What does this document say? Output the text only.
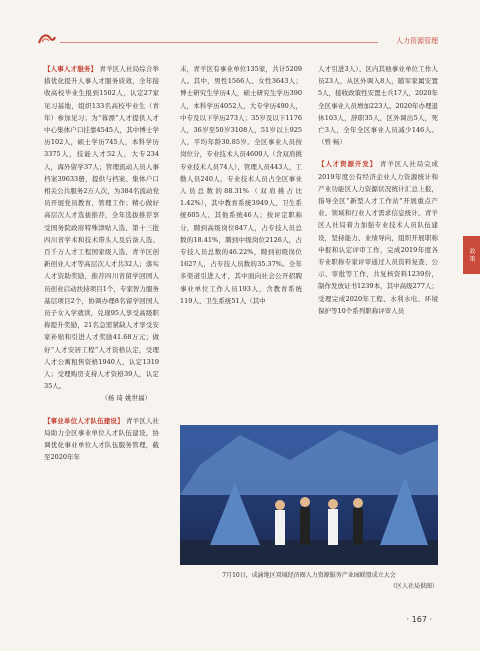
人力资源管理
政 策

【人事人才服务】 青羊区人社局综合举措优化提升人事人才服务质效，全年接收高校毕业生报到1502人，认定27家见习基地，组织133名高校毕业生（青年）参加见习；为“蓉漂”人才提供人才中心集体户口挂靠4545人，其中博士学历102人，硕士学历745人，本科学历3375人，技能人才52人，大专234人，海外留学37人；管理流动人员人事档案39633册，提供与档案、集体户口相关公共服务2万人次，为384名流动党员开展党员教育，管理工作；精心做好高层次人才选拔推荐，全年选拔推荐享受国务院政府特殊津贴人选、第十三批四川省学术和技术带头人及后备人选、百千万人才工程国家级人选、青羊区创新创业人才等高层次人才共32人；落实人才资助奖励，推荐四川省留学回国人员创业启动扶持项目1个，专家智力服务基层项目2个，协调办理8名留学回国人员子女入学就读，兑现95人享受高级职称提升奖励，21名急需紧缺人才享受安家补贴和引进人才奖励41.68万元；做好“人才安居工程”人才资格认定，受理人才公寓租售资格1940人，认定1319人；受理购房支持人才资格39人，认定35人。

（杨 琦 姚世福）

【事业单位人才队伍建设】 青羊区人社局助力全区事业单位人才队伍建设，协调优化事业单位人才队伍服务管理，截至2020年年

末，青羊区有事业单位135家，共计5209人。其中，男性1566人、女性3643人；博士研究生学历4人，硕士研究生学历390人，本科学历4052人，大专学历490人，中专及以下学历273人；35岁及以下1176人，36岁至50岁3108人，51岁以上925人，平均年龄30.85岁。全区事业人员按岗位分，专业技术人员4600人（含双肩挑专业技术人员74人），管理人员443人，工勤人员240人，专业技术人员占全区事业人员总数的88.31%（双肩挑占比1.42%），其中教育系统3949人、卫生系统605人、其他系统46人；按评定职称分，聘到高级岗位847人，占专技人员总数的18.41%，聘到中级岗位2126人，占专技人员总数的46.22%，聘到初级岗位1627人，占专技人员数的35.37%。全年多渠道引进人才，其中面向社会公开招聘事业单位工作人员193人，含教育系统119人、卫生系统51人（其中

人才引进3人）、区内其他事业单位工作人员23人，从区外调入8人，随军家属安置5人，接收政策性安置士兵17人，2020年全区事业人员增加223人。2020年办理退休103人，辞职35人，区外调出5人，死亡3人，全年全区事业人员减少146人。（曾 畅）

【人才资源开发】 青羊区人社局完成2019年度公有经济企业人力资源统计和产业功能区人力资源状况统计汇总上报，指导全区“新型人才工作站”开展重点产业、领域和行业人才需求信息统计。青羊区人社局着力加强专业技术人员队伍建设，坚持能力、业绩导向，组织开展职称申报和认定评审工作，完成2019年度各专业职称专家评审通过人员资料复查、公示、审批等工作，共复核资料1239份，制作发放证书1239本，其中高级277人；受理完成2020年工程、水利水电、环境保护等10个系列职称评审人员

7月10日，成渝地区双城经济圈人力资源服务产业园联盟成立大会
（区人社局供图）
· 167 ·
